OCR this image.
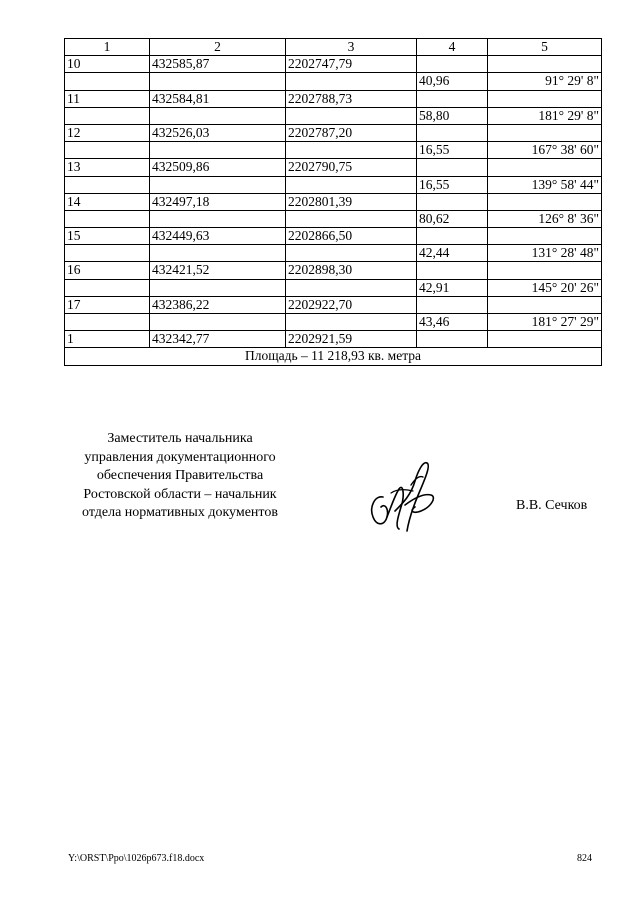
1	2	3	4	5
10	432585,87	2202747,79		
			40,96	91° 29' 8"
11	432584,81	2202788,73		
			58,80	181° 29' 8"
12	432526,03	2202787,20		
			16,55	167° 38' 60"
13	432509,86	2202790,75		
			16,55	139° 58' 44"
14	432497,18	2202801,39		
			80,62	126° 8' 36"
15	432449,63	2202866,50		
			42,44	131° 28' 48"
16	432421,52	2202898,30		
			42,91	145° 20' 26"
17	432386,22	2202922,70		
			43,46	181° 27' 29"
1	432342,77	2202921,59		
Площадь – 11 218,93 кв. метра				
Заместитель начальника
управления документационного
обеспечения Правительства
Ростовской области – начальник
отдела нормативных документов	В.В. Сечков
Y:\ORST\Ppo\1026p673.f18.docx	824
